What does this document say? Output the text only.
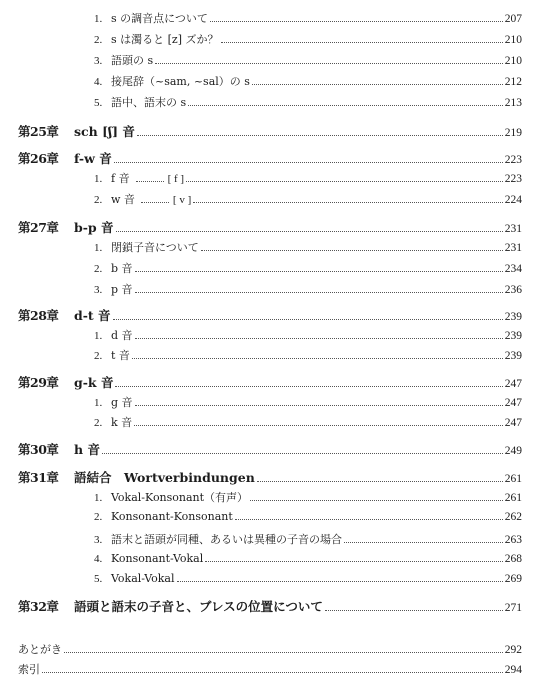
1. s の調音点について	207
2. s は濁ると [z] ズか？	210
3. 語頭の s	210
4. 接尾辞（~sam, ~sal）の s	212
5. 語中、語末の s	213
第25章	sch [ʃ] 音	219
第26章	f-w 音	223
1. f 音	[ f ]	223
2. w 音	[ v ]	224
第27章	b-p 音	231
1. 閉鎖子音について	231
2. b 音	234
3. p 音	236
第28章	d-t 音	239
1. d 音	239
2. t 音	239
第29章	g-k 音	247
1. g 音	247
2. k 音	247
第30章	h 音	249
第31章	語結合　Wortverbindungen	261
1. Vokal-Konsonant（有声）	261
2. Konsonant-Konsonant	262
3. 語末と語頭が同種、あるいは異種の子音の場合	263
4. Konsonant-Vokal	268
5. Vokal-Vokal	269
第32章	語頭と語末の子音と、ブレスの位置について	271
あとがき	292
索引	294
